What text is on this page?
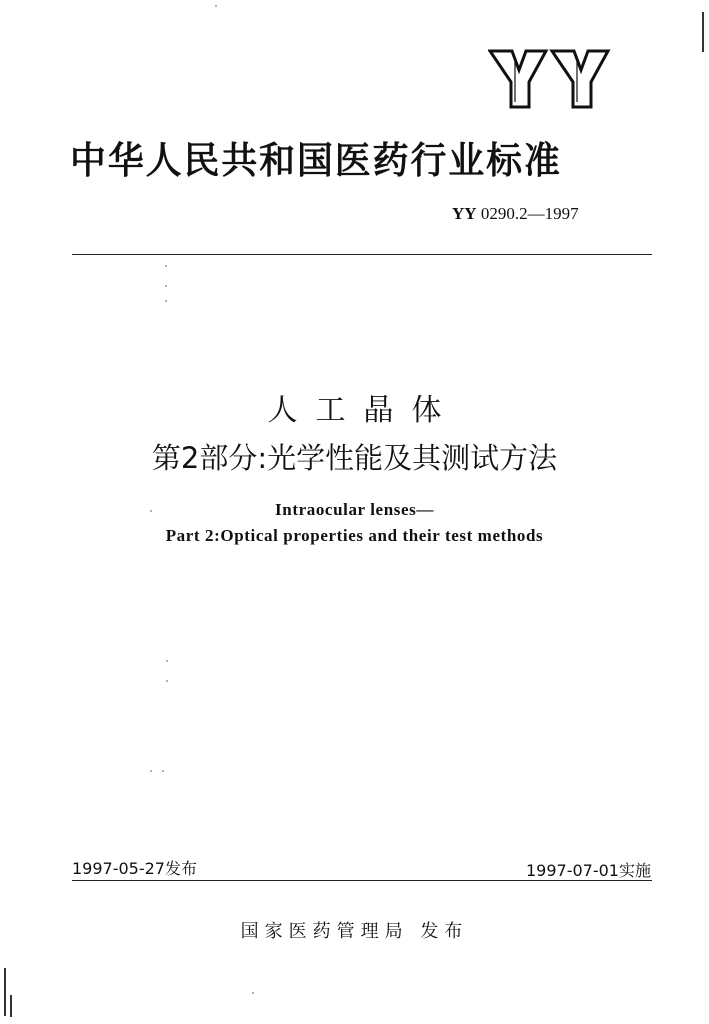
中华人民共和国医药行业标准
YY 0290.2—1997
人工晶体
第2部分:光学性能及其测试方法
Intraocular lenses—
Part 2:Optical properties and their test methods
1997-05-27发布	1997-07-01实施
国家医药管理局 发布
